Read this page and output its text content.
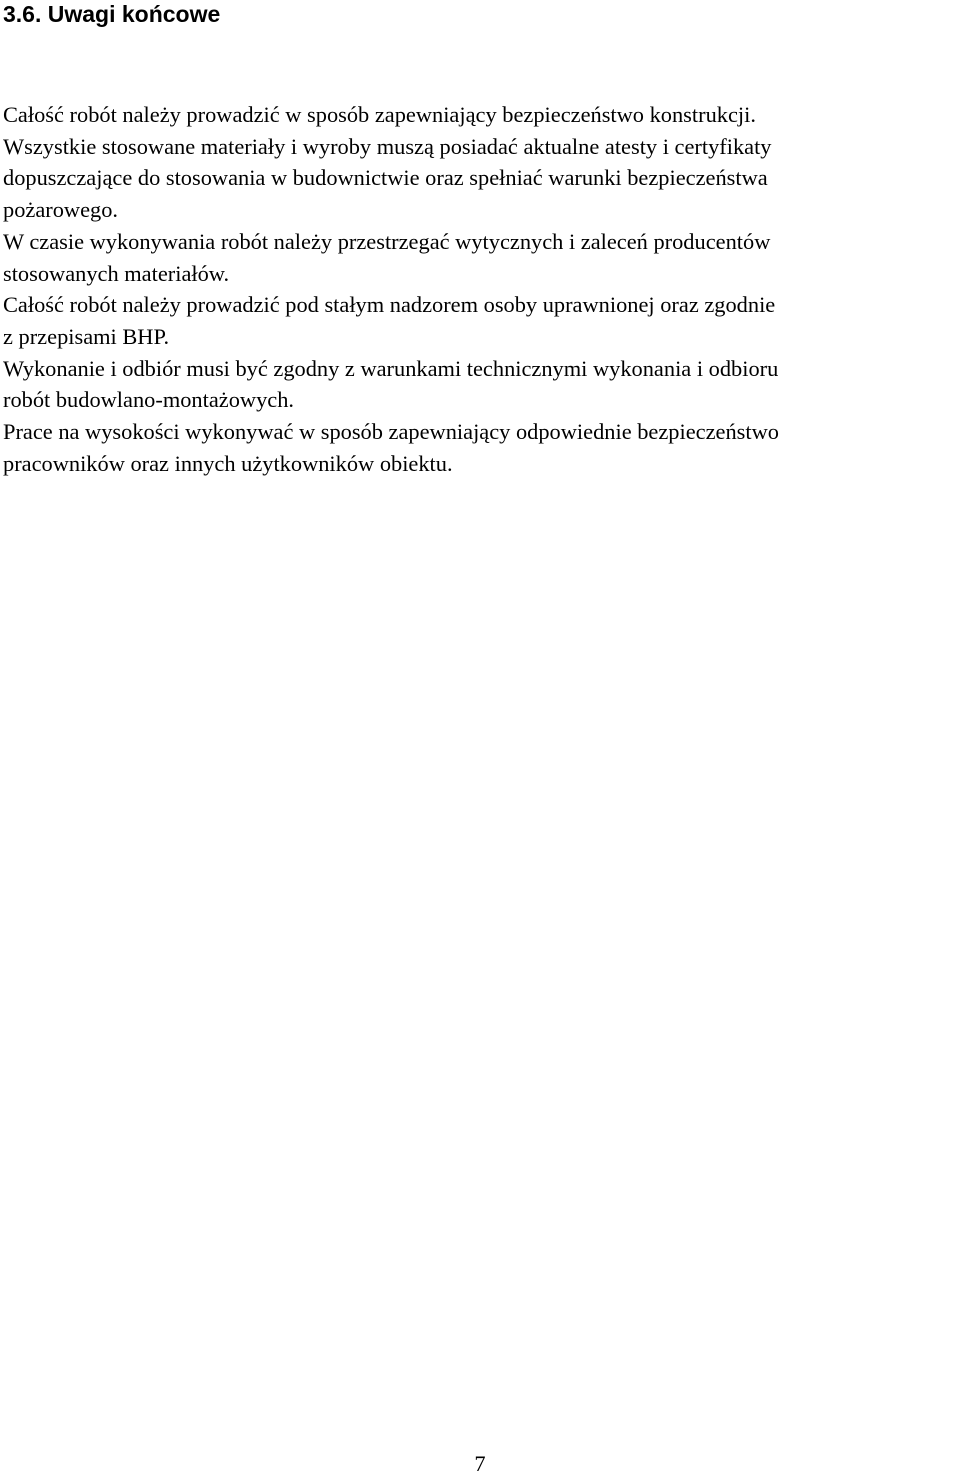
3.6. Uwagi końcowe
Całość robót należy prowadzić w sposób zapewniający bezpieczeństwo konstrukcji.
Wszystkie stosowane materiały i wyroby muszą posiadać aktualne atesty i certyfikaty
dopuszczające do stosowania w budownictwie oraz spełniać warunki bezpieczeństwa
pożarowego.
W czasie wykonywania robót należy przestrzegać wytycznych i zaleceń producentów
stosowanych materiałów.
Całość robót należy prowadzić pod stałym nadzorem osoby uprawnionej oraz zgodnie
z przepisami BHP.
Wykonanie i odbiór musi być zgodny z warunkami technicznymi wykonania i odbioru
robót budowlano-montażowych.
Prace na wysokości wykonywać w sposób zapewniający odpowiednie bezpieczeństwo
pracowników oraz innych użytkowników obiektu.
7
